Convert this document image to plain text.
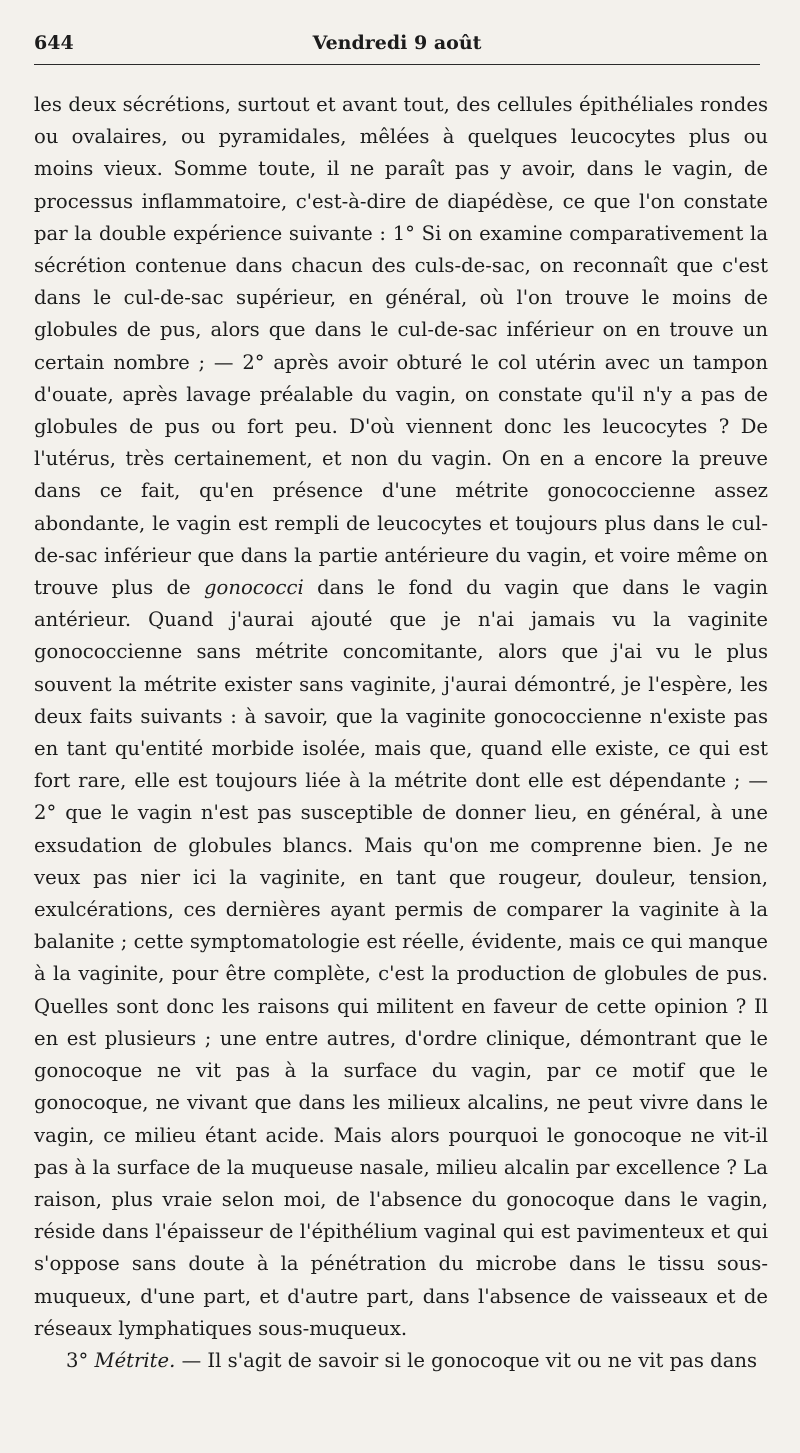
644	Vendredi 9 août

les deux sécrétions, surtout et avant tout, des cellules épithéliales rondes ou ovalaires, ou pyramidales, mêlées à quelques leucocytes plus ou moins vieux. Somme toute, il ne paraît pas y avoir, dans le vagin, de processus inflammatoire, c'est-à-dire de diapédèse, ce que l'on constate par la double expérience suivante : 1° Si on examine comparativement la sécrétion contenue dans chacun des culs-de-sac, on reconnaît que c'est dans le cul-de-sac supérieur, en général, où l'on trouve le moins de globules de pus, alors que dans le cul-de-sac inférieur on en trouve un certain nombre ; — 2° après avoir obturé le col utérin avec un tampon d'ouate, après lavage préalable du vagin, on constate qu'il n'y a pas de globules de pus ou fort peu. D'où viennent donc les leucocytes ? De l'utérus, très certainement, et non du vagin. On en a encore la preuve dans ce fait, qu'en présence d'une métrite gonococcienne assez abondante, le vagin est rempli de leucocytes et toujours plus dans le cul-de-sac inférieur que dans la partie antérieure du vagin, et voire même on trouve plus de gonococci dans le fond du vagin que dans le vagin antérieur. Quand j'aurai ajouté que je n'ai jamais vu la vaginite gonococcienne sans métrite concomitante, alors que j'ai vu le plus souvent la métrite exister sans vaginite, j'aurai démontré, je l'espère, les deux faits suivants : à savoir, que la vaginite gonococcienne n'existe pas en tant qu'entité morbide isolée, mais que, quand elle existe, ce qui est fort rare, elle est toujours liée à la métrite dont elle est dépendante ; — 2° que le vagin n'est pas susceptible de donner lieu, en général, à une exsudation de globules blancs. Mais qu'on me comprenne bien. Je ne veux pas nier ici la vaginite, en tant que rougeur, douleur, tension, exulcérations, ces dernières ayant permis de comparer la vaginite à la balanite ; cette symptomatologie est réelle, évidente, mais ce qui manque à la vaginite, pour être complète, c'est la production de globules de pus. Quelles sont donc les raisons qui militent en faveur de cette opinion ? Il en est plusieurs ; une entre autres, d'ordre clinique, démontrant que le gonocoque ne vit pas à la surface du vagin, par ce motif que le gonocoque, ne vivant que dans les milieux alcalins, ne peut vivre dans le vagin, ce milieu étant acide. Mais alors pourquoi le gonocoque ne vit-il pas à la surface de la muqueuse nasale, milieu alcalin par excellence ? La raison, plus vraie selon moi, de l'absence du gonocoque dans le vagin, réside dans l'épaisseur de l'épithélium vaginal qui est pavimenteux et qui s'oppose sans doute à la pénétration du microbe dans le tissu sous-muqueux, d'une part, et d'autre part, dans l'absence de vaisseaux et de réseaux lymphatiques sous-muqueux.

3° Métrite. — Il s'agit de savoir si le gonocoque vit ou ne vit pas dans
